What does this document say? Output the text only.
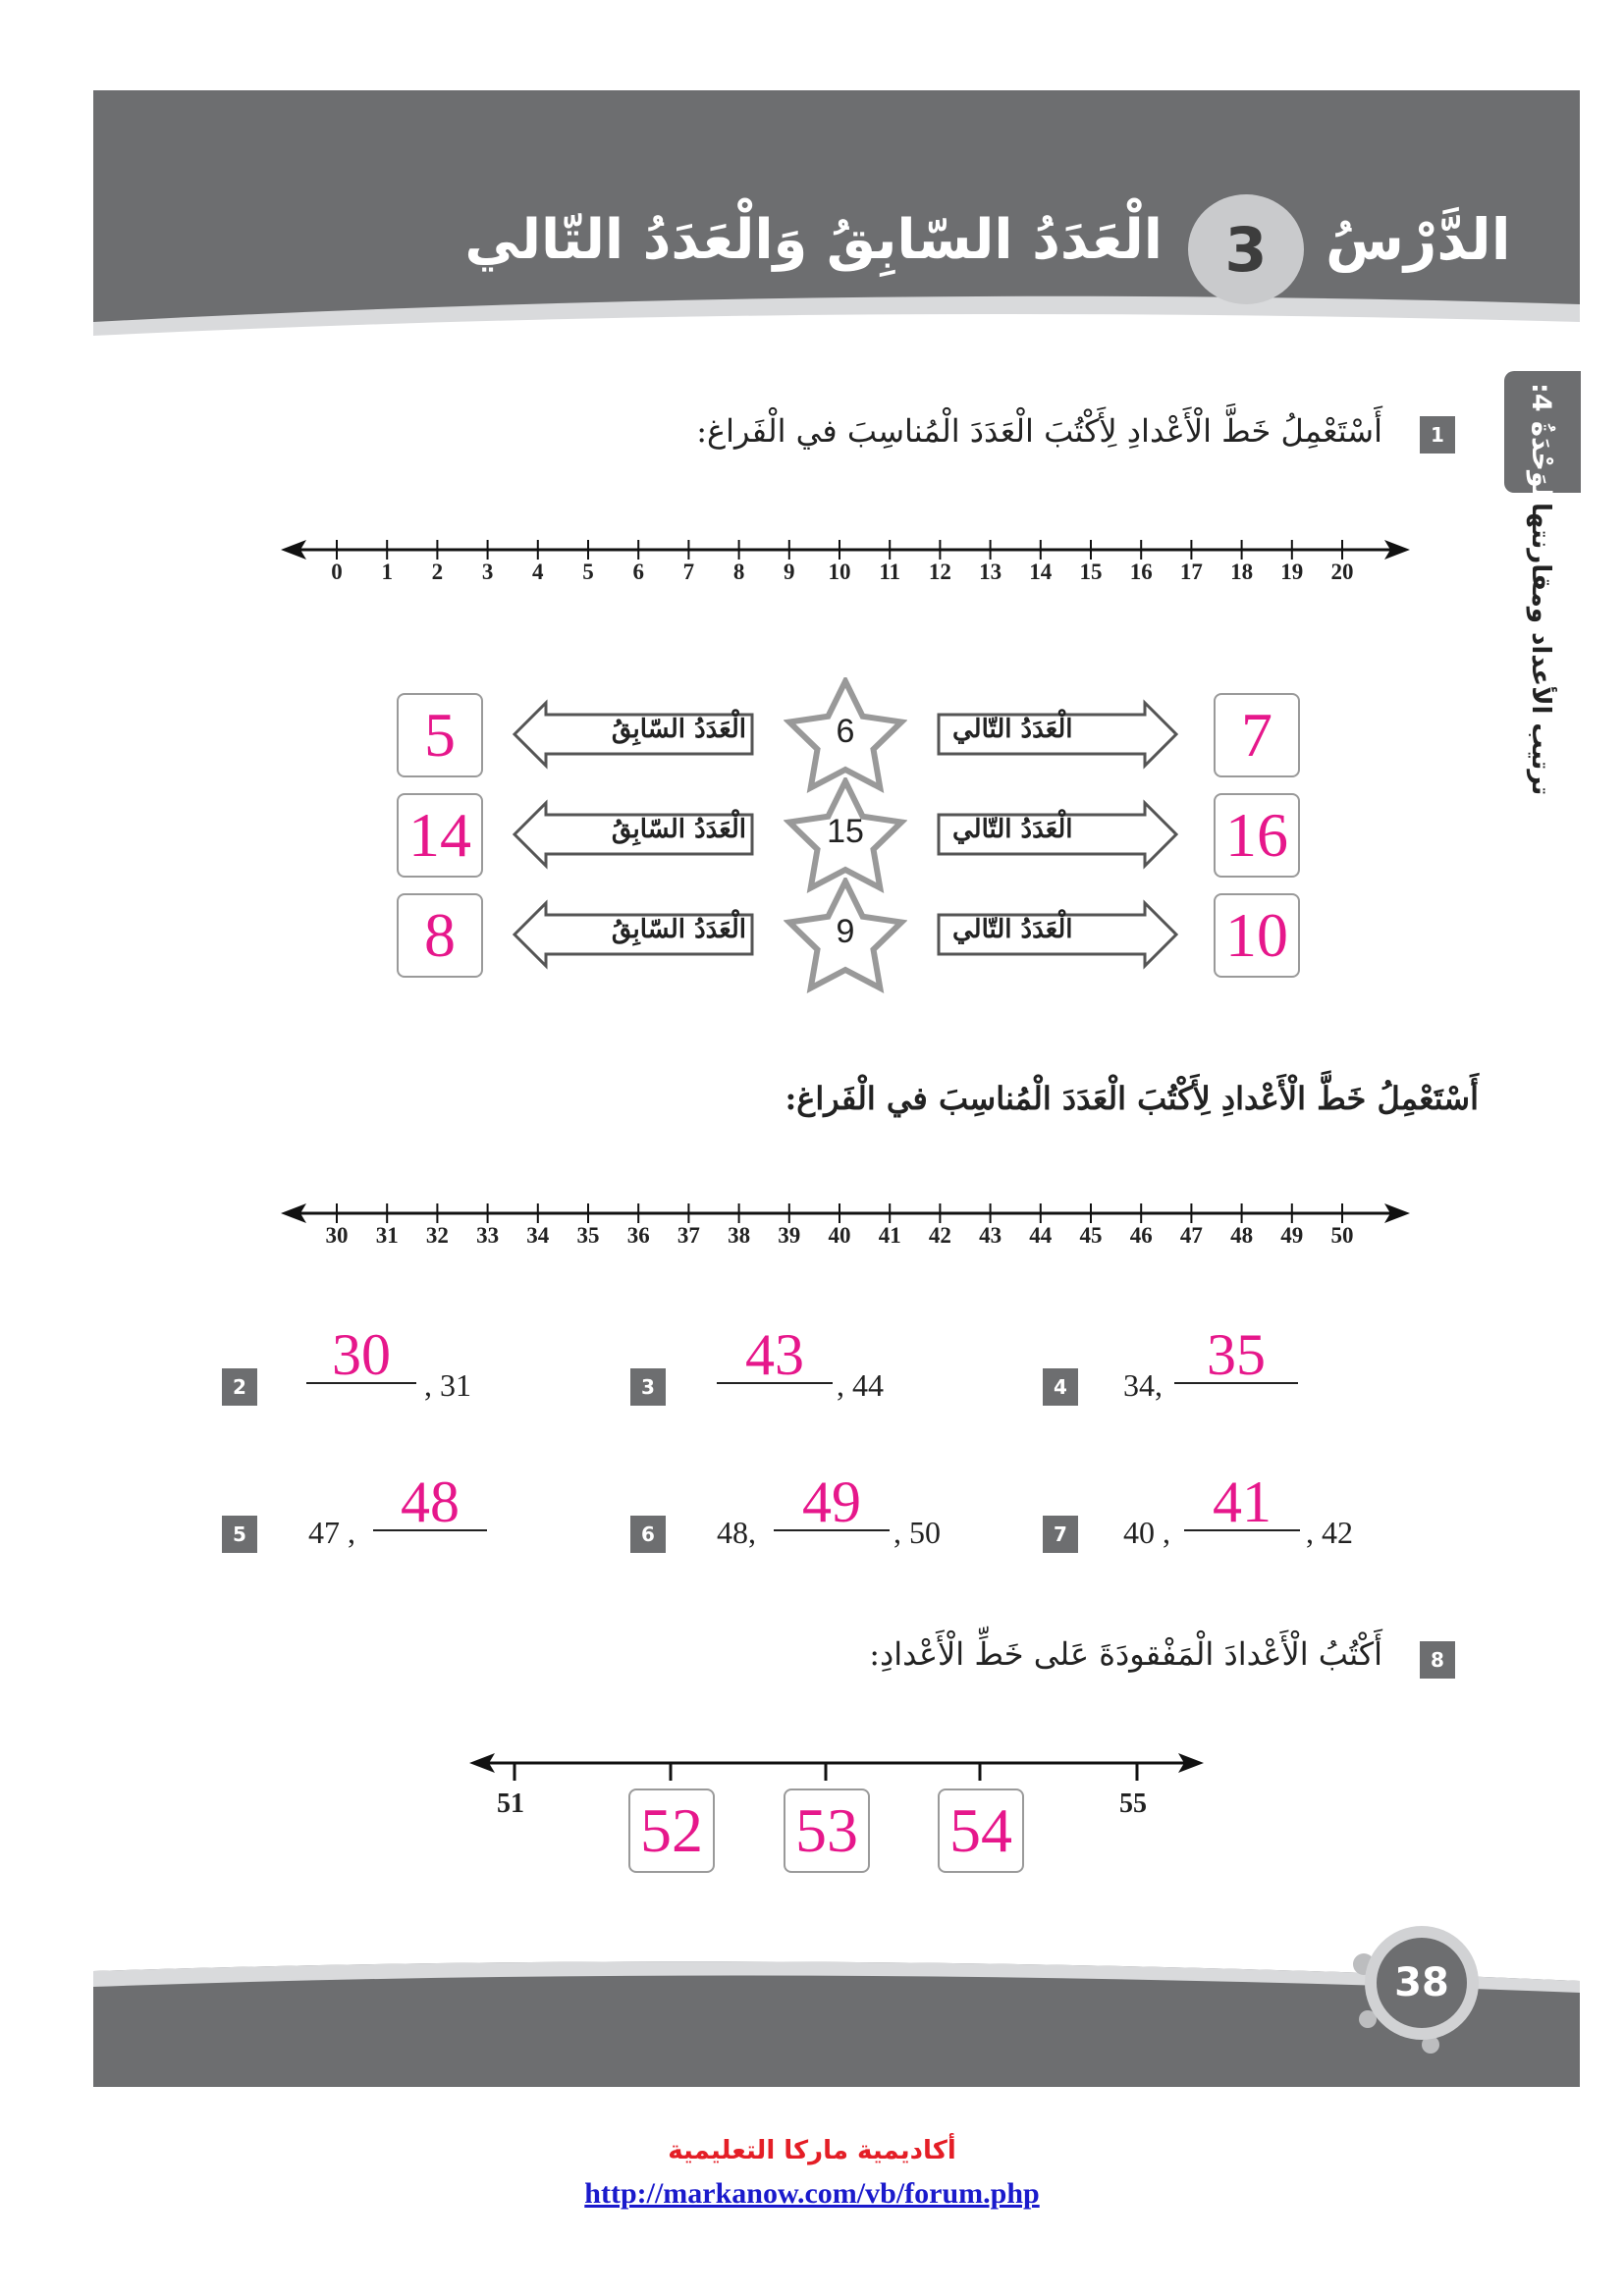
الدَّرْسُ
3
الْعَدَدُ السّابِقُ وَالْعَدَدُ التّالي
الوَحْدَةُ 4:
ترتيب الأعداد ومقارنتها
1
أَسْتَعْمِلُ خَطَّ الْأَعْدادِ لِأَكْتُبَ الْعَدَدَ الْمُناسِبَ في الْفَراغ:
0	1	2	3	4	5	6	7	8	9	10	11	12	13	14	15	16	17	18	19	20
5	الْعَدَدُ السّابِقُ	6	الْعَدَدُ التّالي	7
14	الْعَدَدُ السّابِقُ	15	الْعَدَدُ التّالي	16
8	الْعَدَدُ السّابِقُ	9	الْعَدَدُ التّالي	10
أَسْتَعْمِلُ خَطَّ الْأَعْدادِ لِأَكْتُبَ الْعَدَدَ الْمُناسِبَ في الْفَراغ:
30	31	32	33	34	35	36	37	38	39	40	41	42	43	44	45	46	47	48	49	50
2	30	, 31	3	43	, 44	4	34, 35
5	47 , 48	6	48, 49	, 50	7	40 , 41	, 42
8
أَكْتُبُ الْأَعْدادَ الْمَفْقودَةَ عَلى خَطِّ الْأَعْدادِ:
51	55
52 53 54
38
أكاديمية ماركا التعليمية
http://markanow.com/vb/forum.php
